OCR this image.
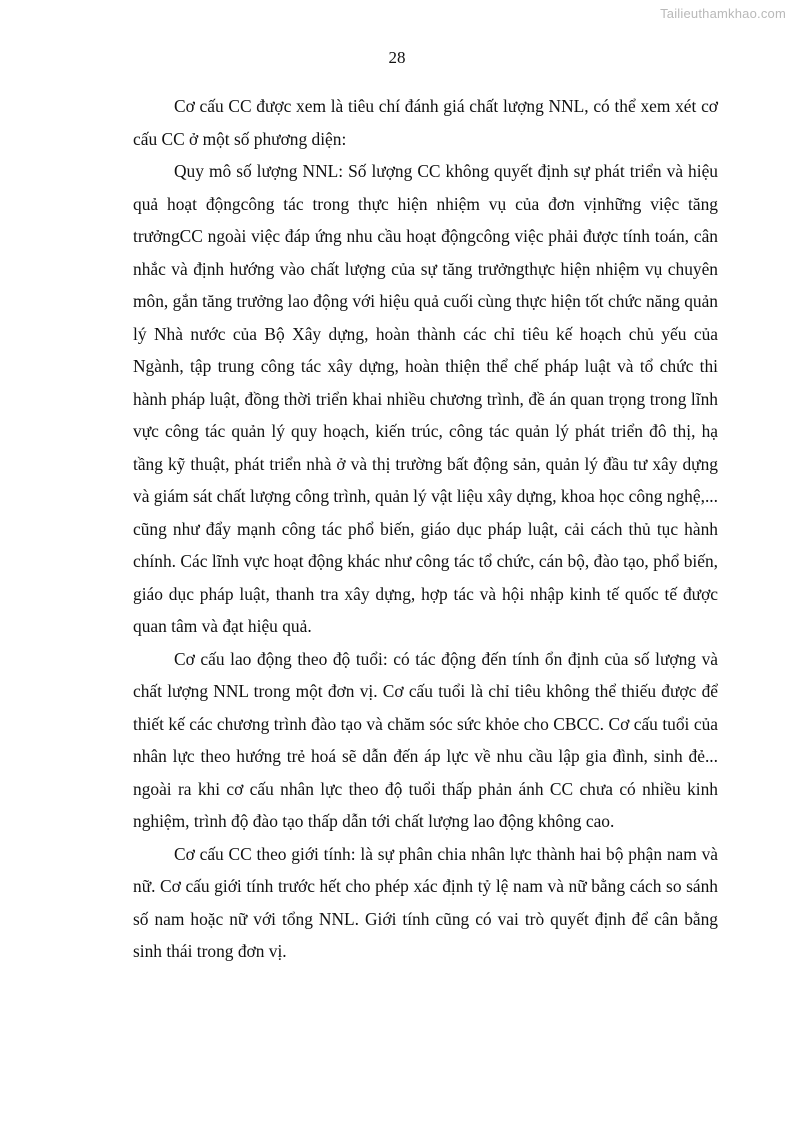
Tailieuthamkhao.com
28

Cơ cấu CC được xem là tiêu chí đánh giá chất lượng NNL, có thể xem xét cơ cấu CC ở một số phương diện:

Quy mô số lượng NNL: Số lượng CC không quyết định sự phát triển và hiệu quả hoạt độngcông tác trong thực hiện nhiệm vụ của đơn vịnhững việc tăng trưởngCC ngoài việc đáp ứng nhu cầu hoạt độngcông việc phải được tính toán, cân nhắc và định hướng vào chất lượng của sự tăng trưởngthực hiện nhiệm vụ chuyên môn, gắn tăng trưởng lao động với hiệu quả cuối cùng thực hiện tốt chức năng quản lý Nhà nước của Bộ Xây dựng, hoàn thành các chỉ tiêu kế hoạch chủ yếu của Ngành, tập trung công tác xây dựng, hoàn thiện thể chế pháp luật và tổ chức thi hành pháp luật, đồng thời triển khai nhiều chương trình, đề án quan trọng trong lĩnh vực công tác quản lý quy hoạch, kiến trúc, công tác quản lý phát triển đô thị, hạ tầng kỹ thuật, phát triển nhà ở và thị trường bất động sản, quản lý đầu tư xây dựng và giám sát chất lượng công trình, quản lý vật liệu xây dựng, khoa học công nghệ,... cũng như đẩy mạnh công tác phổ biến, giáo dục pháp luật, cải cách thủ tục hành chính. Các lĩnh vực hoạt động khác như công tác tổ chức, cán bộ, đào tạo, phổ biến, giáo dục pháp luật, thanh tra xây dựng, hợp tác và hội nhập kinh tế quốc tế được quan tâm và đạt hiệu quả.

Cơ cấu lao động theo độ tuổi: có tác động đến tính ổn định của số lượng và chất lượng NNL trong một đơn vị. Cơ cấu tuổi là chỉ tiêu không thể thiếu được để thiết kế các chương trình đào tạo và chăm sóc sức khỏe cho CBCC. Cơ cấu tuổi của nhân lực theo hướng trẻ hoá sẽ dẫn đến áp lực về nhu cầu lập gia đình, sinh đẻ... ngoài ra khi cơ cấu nhân lực theo độ tuổi thấp phản ánh CC chưa có nhiều kinh nghiệm, trình độ đào tạo thấp dẫn tới chất lượng lao động không cao.

Cơ cấu CC theo giới tính: là sự phân chia nhân lực thành hai bộ phận nam và nữ. Cơ cấu giới tính trước hết cho phép xác định tỷ lệ nam và nữ bằng cách so sánh số nam hoặc nữ với tổng NNL. Giới tính cũng có vai trò quyết định để cân bằng sinh thái trong đơn vị.
